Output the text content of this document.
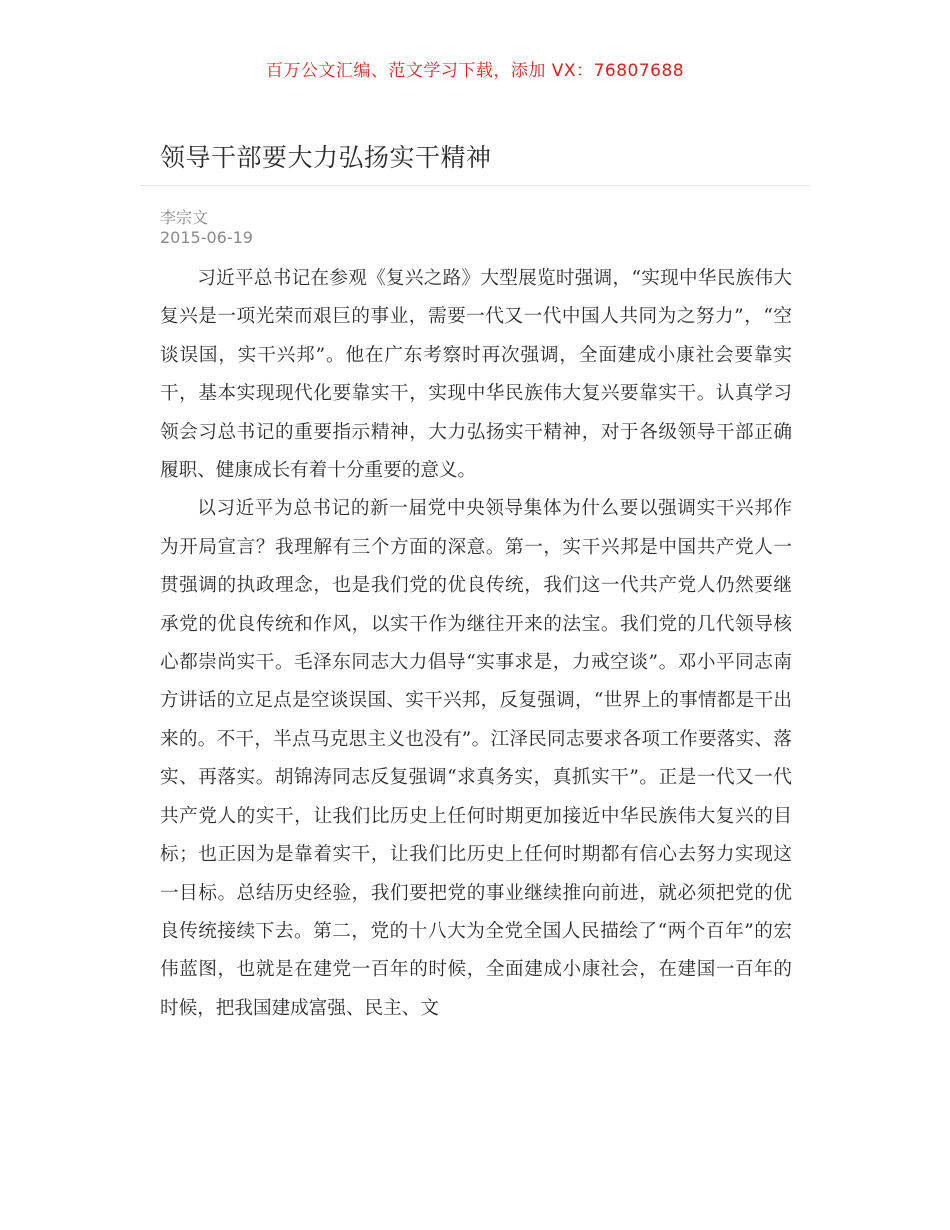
百万公文汇编、范文学习下载，添加 VX：76807688
领导干部要大力弘扬实干精神
李宗文
2015-06-19

习近平总书记在参观《复兴之路》大型展览时强调，“实现中华民族伟大复兴是一项光荣而艰巨的事业，需要一代又一代中国人共同为之努力”，“空谈误国，实干兴邦”。他在广东考察时再次强调，全面建成小康社会要靠实干，基本实现现代化要靠实干，实现中华民族伟大复兴要靠实干。认真学习领会习总书记的重要指示精神，大力弘扬实干精神，对于各级领导干部正确履职、健康成长有着十分重要的意义。

以习近平为总书记的新一届党中央领导集体为什么要以强调实干兴邦作为开局宣言？我理解有三个方面的深意。第一，实干兴邦是中国共产党人一贯强调的执政理念，也是我们党的优良传统，我们这一代共产党人仍然要继承党的优良传统和作风，以实干作为继往开来的法宝。我们党的几代领导核心都崇尚实干。毛泽东同志大力倡导“实事求是，力戒空谈”。邓小平同志南方讲话的立足点是空谈误国、实干兴邦，反复强调，“世界上的事情都是干出来的。不干，半点马克思主义也没有”。江泽民同志要求各项工作要落实、落实、再落实。胡锦涛同志反复强调“求真务实，真抓实干”。正是一代又一代共产党人的实干，让我们比历史上任何时期更加接近中华民族伟大复兴的目标；也正因为是靠着实干，让我们比历史上任何时期都有信心去努力实现这一目标。总结历史经验，我们要把党的事业继续推向前进，就必须把党的优良传统接续下去。第二，党的十八大为全党全国人民描绘了“两个百年”的宏伟蓝图，也就是在建党一百年的时候，全面建成小康社会，在建国一百年的时候，把我国建成富强、民主、文
